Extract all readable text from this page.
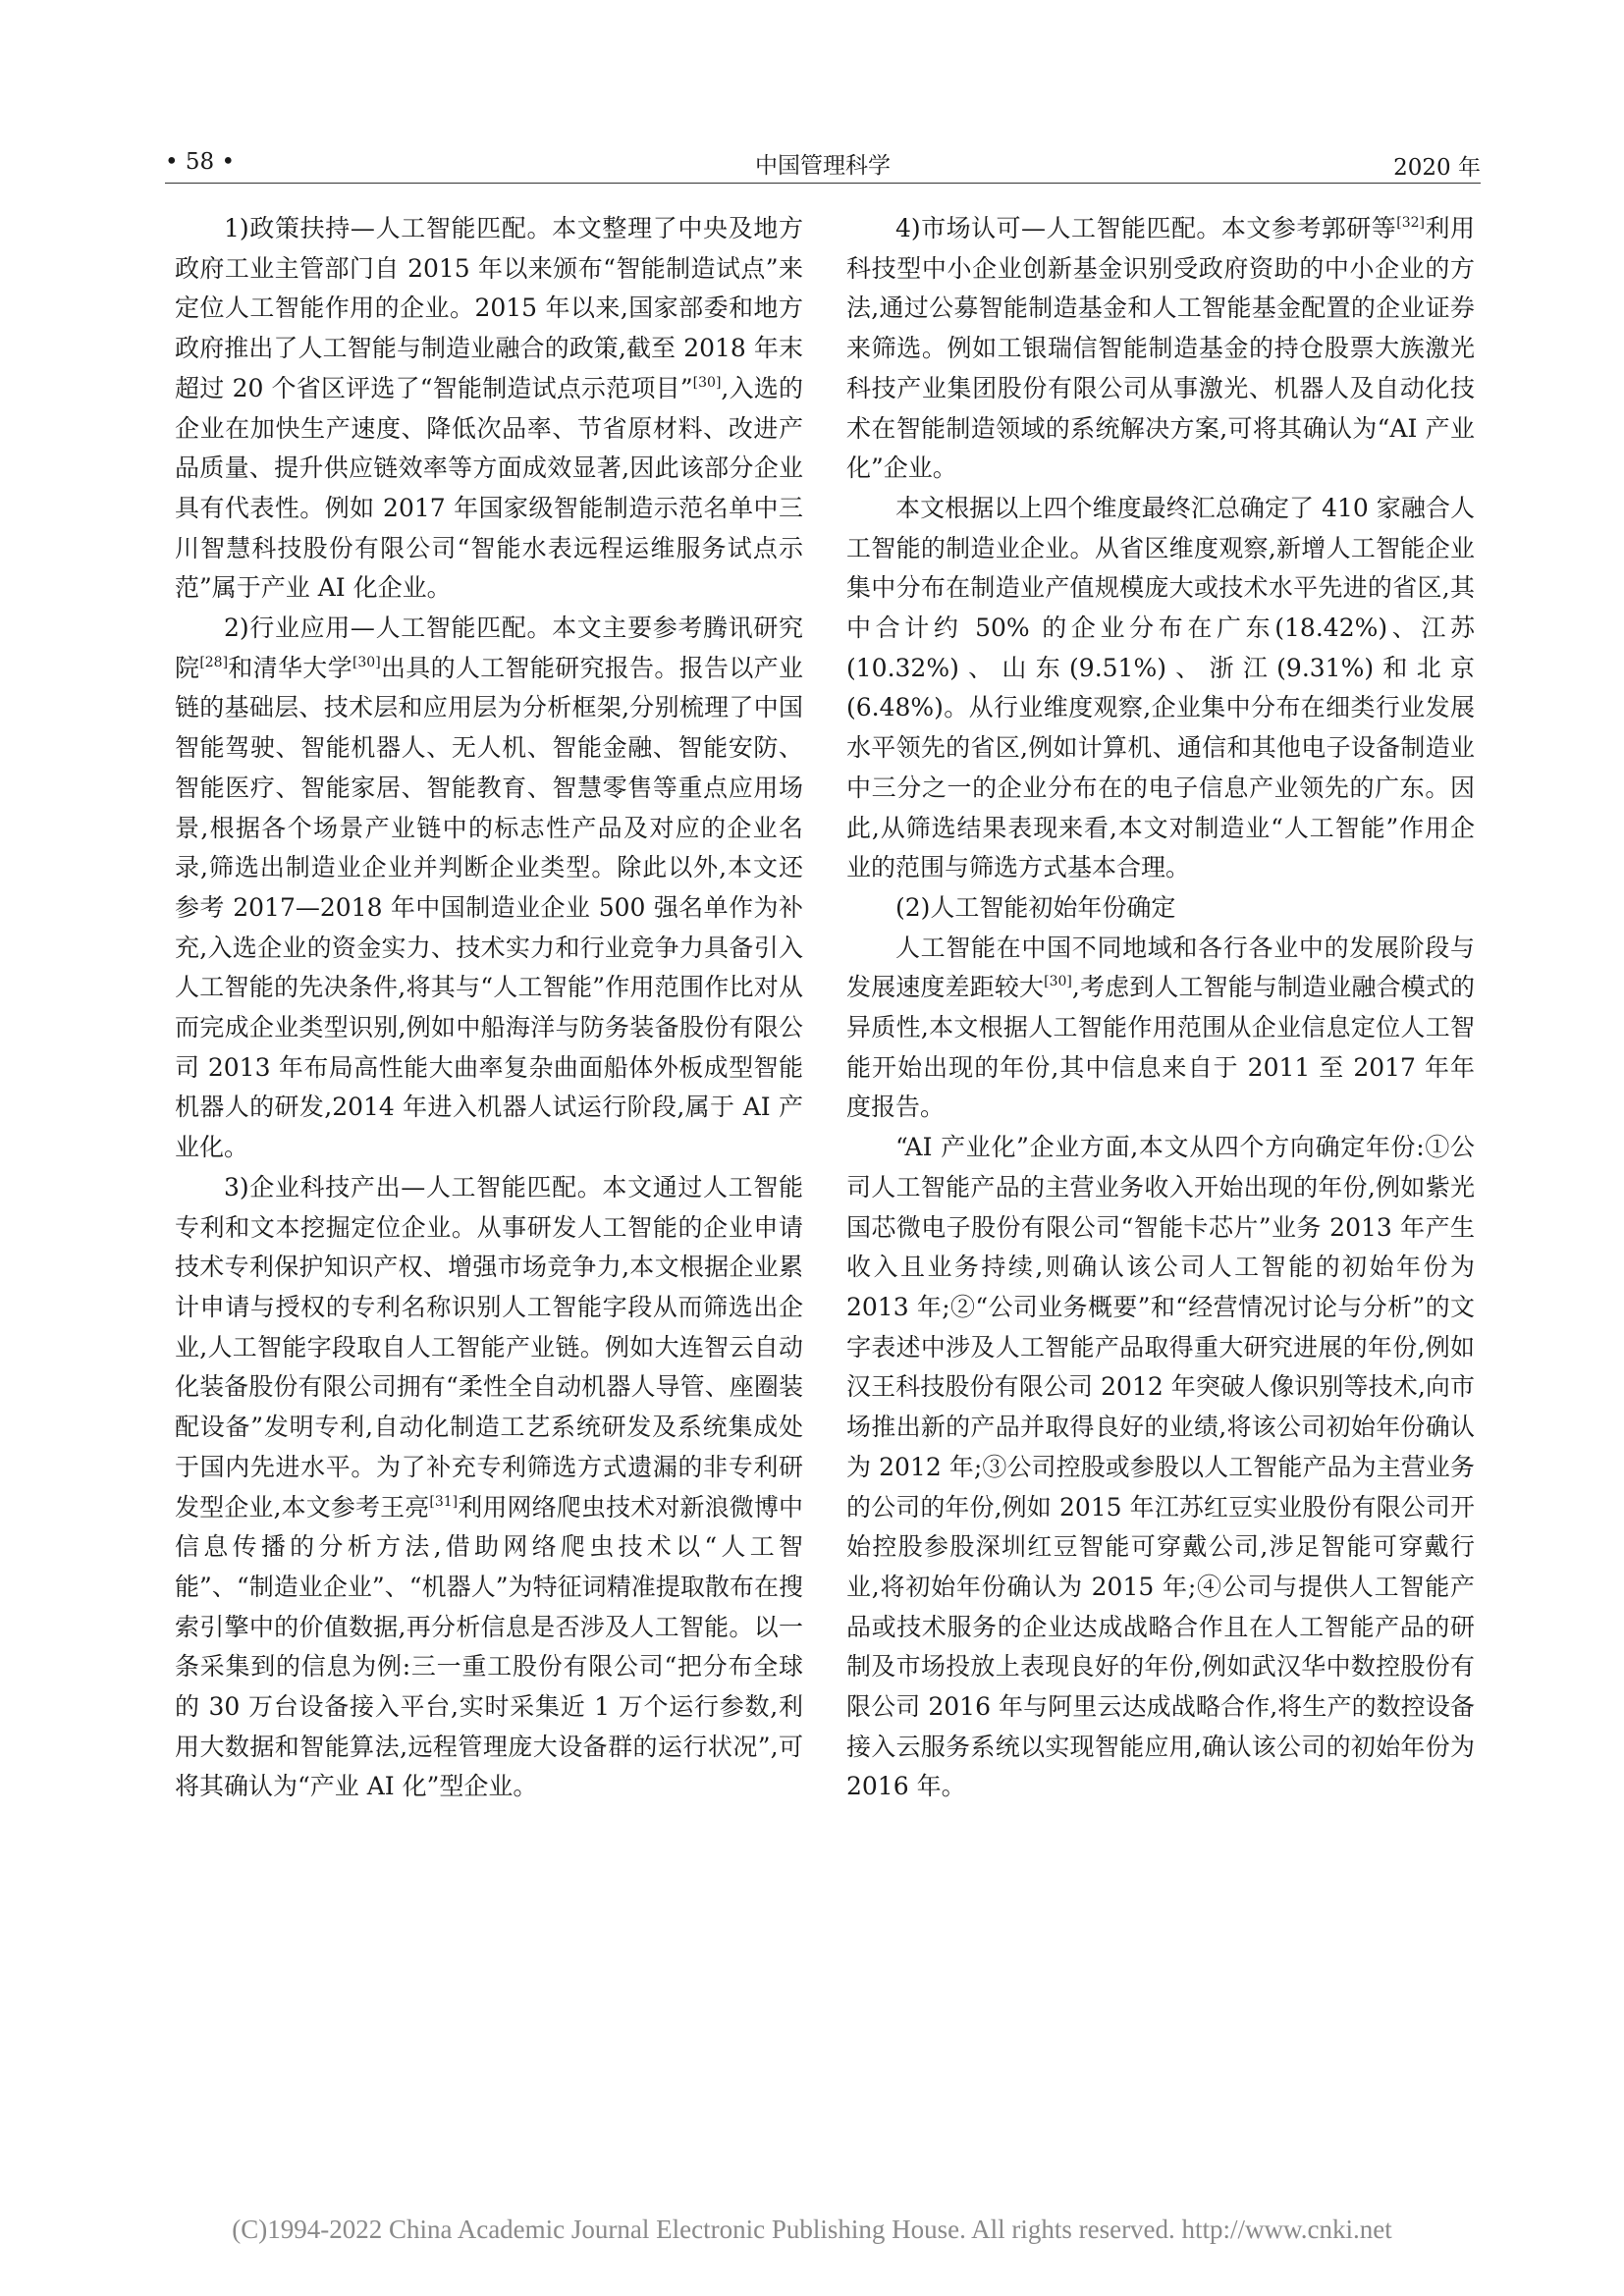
• 58 •	中国管理科学	2020 年

1)政策扶持—人工智能匹配。本文整理了中央及地方政府工业主管部门自 2015 年以来颁布“智能制造试点”来定位人工智能作用的企业。2015 年以来,国家部委和地方政府推出了人工智能与制造业融合的政策,截至 2018 年末超过 20 个省区评选了“智能制造试点示范项目”[30],入选的企业在加快生产速度、降低次品率、节省原材料、改进产品质量、提升供应链效率等方面成效显著,因此该部分企业具有代表性。例如 2017 年国家级智能制造示范名单中三川智慧科技股份有限公司“智能水表远程运维服务试点示范”属于产业 AI 化企业。

2)行业应用—人工智能匹配。本文主要参考腾讯研究院[28]和清华大学[30]出具的人工智能研究报告。报告以产业链的基础层、技术层和应用层为分析框架,分别梳理了中国智能驾驶、智能机器人、无人机、智能金融、智能安防、智能医疗、智能家居、智能教育、智慧零售等重点应用场景,根据各个场景产业链中的标志性产品及对应的企业名录,筛选出制造业企业并判断企业类型。除此以外,本文还参考 2017—2018 年中国制造业企业 500 强名单作为补充,入选企业的资金实力、技术实力和行业竞争力具备引入人工智能的先决条件,将其与“人工智能”作用范围作比对从而完成企业类型识别,例如中船海洋与防务装备股份有限公司 2013 年布局高性能大曲率复杂曲面船体外板成型智能机器人的研发,2014 年进入机器人试运行阶段,属于 AI 产业化。

3)企业科技产出—人工智能匹配。本文通过人工智能专利和文本挖掘定位企业。从事研发人工智能的企业申请技术专利保护知识产权、增强市场竞争力,本文根据企业累计申请与授权的专利名称识别人工智能字段从而筛选出企业,人工智能字段取自人工智能产业链。例如大连智云自动化装备股份有限公司拥有“柔性全自动机器人导管、座圈装配设备”发明专利,自动化制造工艺系统研发及系统集成处于国内先进水平。为了补充专利筛选方式遗漏的非专利研发型企业,本文参考王亮[31]利用网络爬虫技术对新浪微博中信息传播的分析方法,借助网络爬虫技术以“人工智能”、“制造业企业”、“机器人”为特征词精准提取散布在搜索引擎中的价值数据,再分析信息是否涉及人工智能。以一条采集到的信息为例:三一重工股份有限公司“把分布全球的 30 万台设备接入平台,实时采集近 1 万个运行参数,利用大数据和智能算法,远程管理庞大设备群的运行状况”,可将其确认为“产业 AI 化”型企业。

4)市场认可—人工智能匹配。本文参考郭研等[32]利用科技型中小企业创新基金识别受政府资助的中小企业的方法,通过公募智能制造基金和人工智能基金配置的企业证券来筛选。例如工银瑞信智能制造基金的持仓股票大族激光科技产业集团股份有限公司从事激光、机器人及自动化技术在智能制造领域的系统解决方案,可将其确认为“AI 产业化”企业。

本文根据以上四个维度最终汇总确定了 410 家融合人工智能的制造业企业。从省区维度观察,新增人工智能企业集中分布在制造业产值规模庞大或技术水平先进的省区,其中合计约 50% 的企业分布在广东(18.42%)、江苏(10.32%)、山东(9.51%)、浙江(9.31%)和北京(6.48%)。从行业维度观察,企业集中分布在细类行业发展水平领先的省区,例如计算机、通信和其他电子设备制造业中三分之一的企业分布在的电子信息产业领先的广东。因此,从筛选结果表现来看,本文对制造业“人工智能”作用企业的范围与筛选方式基本合理。

(2)人工智能初始年份确定

人工智能在中国不同地域和各行各业中的发展阶段与发展速度差距较大[30],考虑到人工智能与制造业融合模式的异质性,本文根据人工智能作用范围从企业信息定位人工智能开始出现的年份,其中信息来自于 2011 至 2017 年年度报告。

“AI 产业化”企业方面,本文从四个方向确定年份:①公司人工智能产品的主营业务收入开始出现的年份,例如紫光国芯微电子股份有限公司“智能卡芯片”业务 2013 年产生收入且业务持续,则确认该公司人工智能的初始年份为 2013 年;②“公司业务概要”和“经营情况讨论与分析”的文字表述中涉及人工智能产品取得重大研究进展的年份,例如汉王科技股份有限公司 2012 年突破人像识别等技术,向市场推出新的产品并取得良好的业绩,将该公司初始年份确认为 2012 年;③公司控股或参股以人工智能产品为主营业务的公司的年份,例如 2015 年江苏红豆实业股份有限公司开始控股参股深圳红豆智能可穿戴公司,涉足智能可穿戴行业,将初始年份确认为 2015 年;④公司与提供人工智能产品或技术服务的企业达成战略合作且在人工智能产品的研制及市场投放上表现良好的年份,例如武汉华中数控股份有限公司 2016 年与阿里云达成战略合作,将生产的数控设备接入云服务系统以实现智能应用,确认该公司的初始年份为 2016 年。

(C)1994-2022 China Academic Journal Electronic Publishing House. All rights reserved. http://www.cnki.net
